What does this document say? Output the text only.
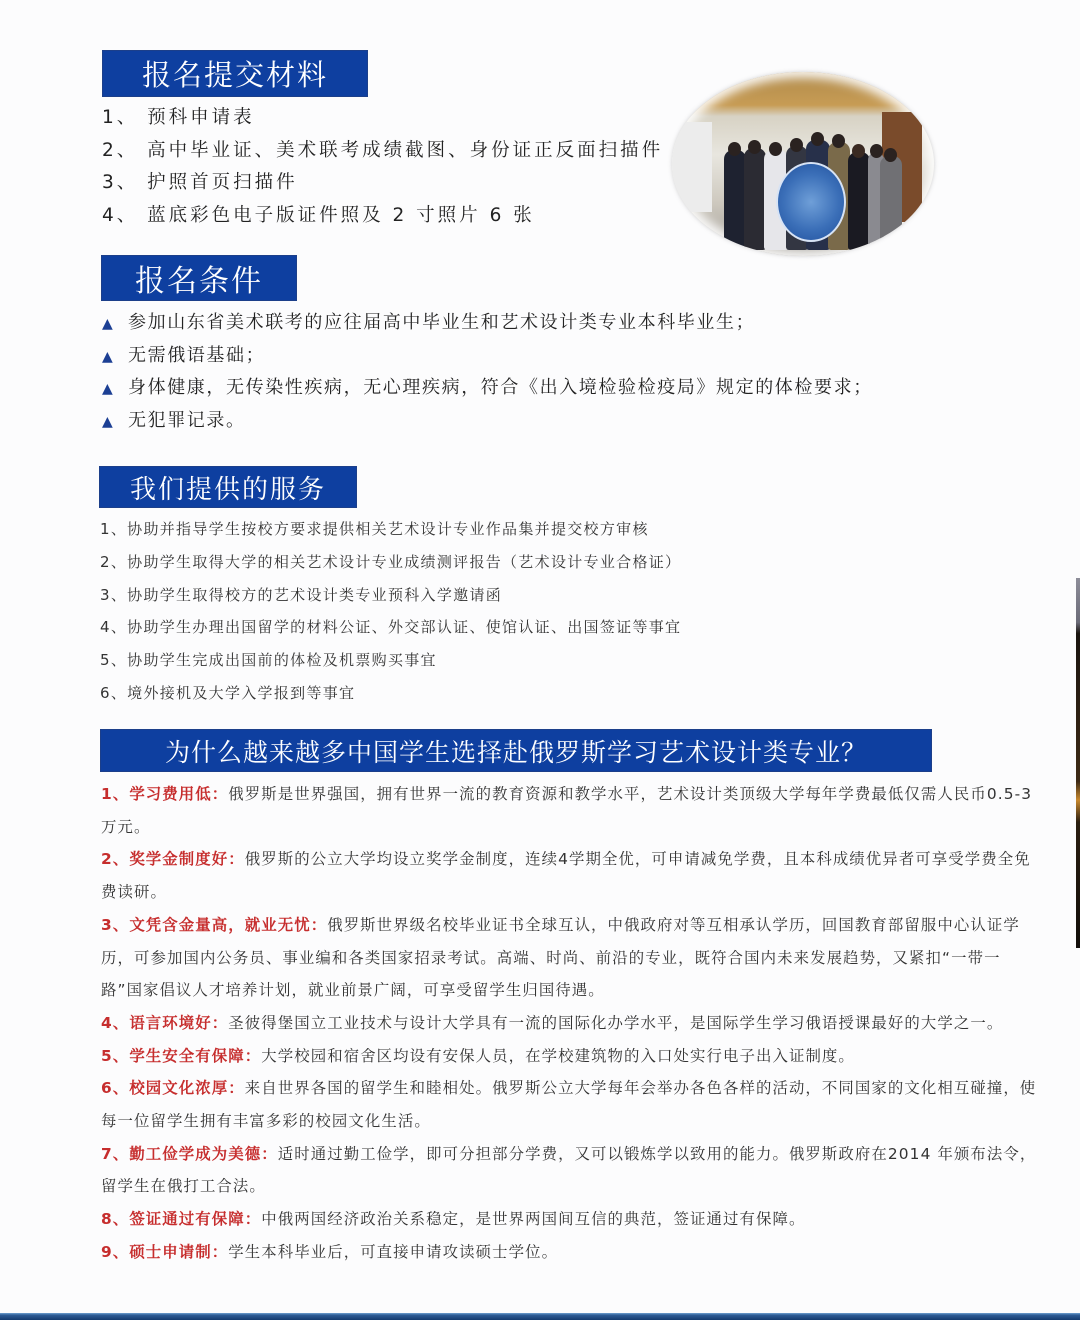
报名提交材料
1、 预科申请表
2、 高中毕业证、美术联考成绩截图、身份证正反面扫描件
3、 护照首页扫描件
4、 蓝底彩色电子版证件照及 2 寸照片 6 张
报名条件
▲ 参加山东省美术联考的应往届高中毕业生和艺术设计类专业本科毕业生；
▲ 无需俄语基础；
▲ 身体健康，无传染性疾病，无心理疾病，符合《出入境检验检疫局》规定的体检要求；
▲ 无犯罪记录。
我们提供的服务
1、协助并指导学生按校方要求提供相关艺术设计专业作品集并提交校方审核
2、协助学生取得大学的相关艺术设计专业成绩测评报告（艺术设计专业合格证）
3、协助学生取得校方的艺术设计类专业预科入学邀请函
4、协助学生办理出国留学的材料公证、外交部认证、使馆认证、出国签证等事宜
5、协助学生完成出国前的体检及机票购买事宜
6、境外接机及大学入学报到等事宜
为什么越来越多中国学生选择赴俄罗斯学习艺术设计类专业？
1、学习费用低：俄罗斯是世界强国，拥有世界一流的教育资源和教学水平，艺术设计类顶级大学每年学费最低仅需人民币0.5-3万元。
2、奖学金制度好：俄罗斯的公立大学均设立奖学金制度，连续4学期全优，可申请减免学费，且本科成绩优异者可享受学费全免费读研。
3、文凭含金量高，就业无忧：俄罗斯世界级名校毕业证书全球互认，中俄政府对等互相承认学历，回国教育部留服中心认证学历，可参加国内公务员、事业编和各类国家招录考试。高端、时尚、前沿的专业，既符合国内未来发展趋势，又紧扣“一带一路”国家倡议人才培养计划，就业前景广阔，可享受留学生归国待遇。
4、语言环境好：圣彼得堡国立工业技术与设计大学具有一流的国际化办学水平，是国际学生学习俄语授课最好的大学之一。
5、学生安全有保障：大学校园和宿舍区均设有安保人员，在学校建筑物的入口处实行电子出入证制度。
6、校园文化浓厚：来自世界各国的留学生和睦相处。俄罗斯公立大学每年会举办各色各样的活动，不同国家的文化相互碰撞，使每一位留学生拥有丰富多彩的校园文化生活。
7、勤工俭学成为美德：适时通过勤工俭学，即可分担部分学费，又可以锻炼学以致用的能力。俄罗斯政府在2014 年颁布法令，留学生在俄打工合法。
8、签证通过有保障：中俄两国经济政治关系稳定，是世界两国间互信的典范，签证通过有保障。
9、硕士申请制：学生本科毕业后，可直接申请攻读硕士学位。
